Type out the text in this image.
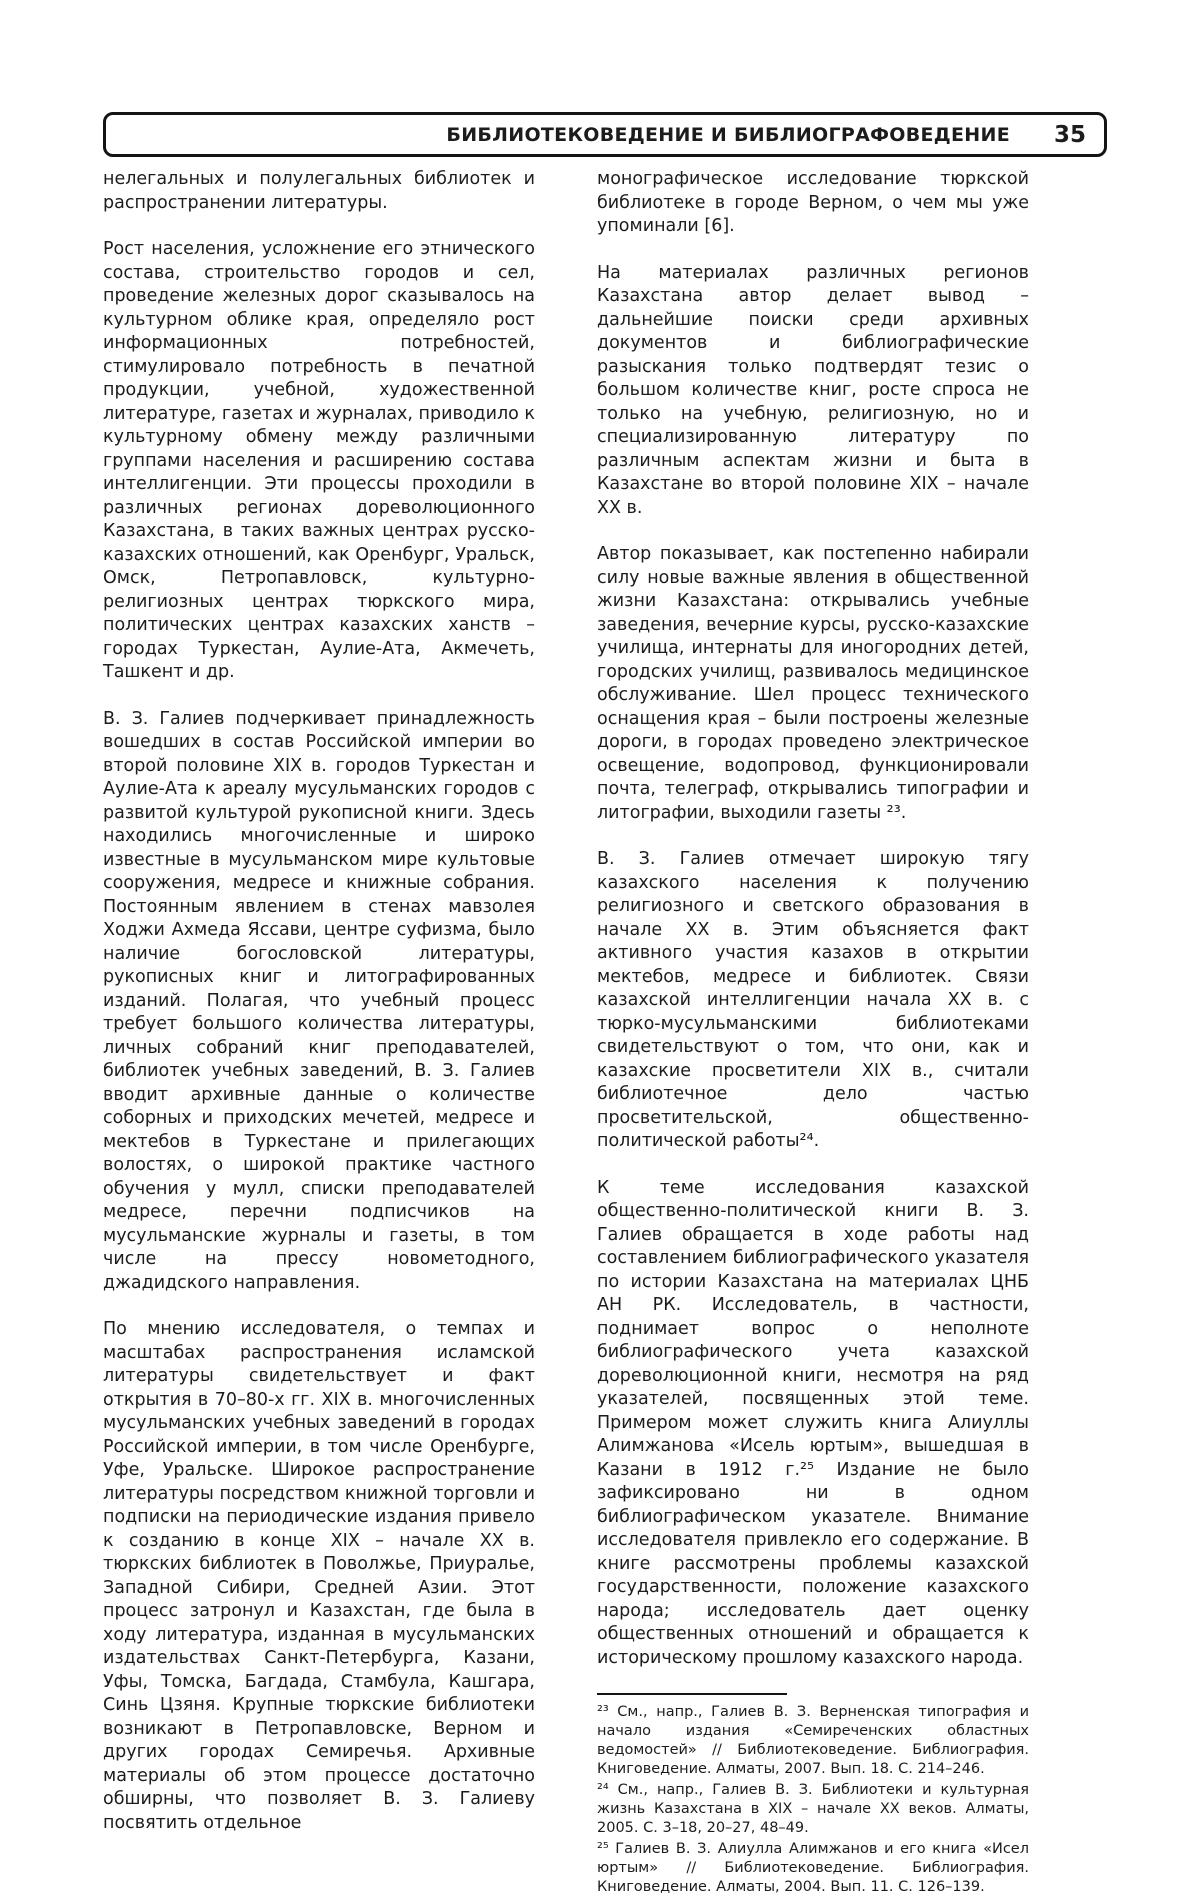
БИБЛИОТЕКОВЕДЕНИЕ И БИБЛИОГРАФОВЕДЕНИЕ 35

нелегальных и полулегальных библиотек и распространении литературы.

Рост населения, усложнение его этнического состава, строительство городов и сел, проведение железных дорог сказывалось на культурном облике края, определяло рост информационных потребностей, стимулировало потребность в печатной продукции, учебной, художественной литературе, газетах и журналах, приводило к культурному обмену между различными группами населения и расширению состава интеллигенции. Эти процессы проходили в различных регионах дореволюционного Казахстана, в таких важных центрах русско-казахских отношений, как Оренбург, Уральск, Омск, Петропавловск, культурно-религиозных центрах тюркского мира, политических центрах казахских ханств – городах Туркестан, Аулие-Ата, Акмечеть, Ташкент и др.

В. З. Галиев подчеркивает принадлежность вошедших в состав Российской империи во второй половине XIX в. городов Туркестан и Аулие-Ата к ареалу мусульманских городов с развитой культурой рукописной книги. Здесь находились многочисленные и широко известные в мусульманском мире культовые сооружения, медресе и книжные собрания. Постоянным явлением в стенах мавзолея Ходжи Ахмеда Яссави, центре суфизма, было наличие богословской литературы, рукописных книг и литографированных изданий. Полагая, что учебный процесс требует большого количества литературы, личных собраний книг преподавателей, библиотек учебных заведений, В. З. Галиев вводит архивные данные о количестве соборных и приходских мечетей, медресе и мектебов в Туркестане и прилегающих волостях, о широкой практике частного обучения у мулл, списки преподавателей медресе, перечни подписчиков на мусульманские журналы и газеты, в том числе на прессу новометодного, джадидского направления.

По мнению исследователя, о темпах и масштабах распространения исламской литературы свидетельствует и факт открытия в 70–80-х гг. XIX в. многочисленных мусульманских учебных заведений в городах Российской империи, в том числе Оренбурге, Уфе, Уральске. Широкое распространение литературы посредством книжной торговли и подписки на периодические издания привело к созданию в конце XIX – начале XX в. тюркских библиотек в Поволжье, Приуралье, Западной Сибири, Средней Азии. Этот процесс затронул и Казахстан, где была в ходу литература, изданная в мусульманских издательствах Санкт-Петербурга, Казани, Уфы, Томска, Багдада, Стамбула, Кашгара, Синь Цзяня. Крупные тюркские библиотеки возникают в Петропавловске, Верном и других городах Семиречья. Архивные материалы об этом процессе достаточно обширны, что позволяет В. З. Галиеву посвятить отдельное

монографическое исследование тюркской библиотеке в городе Верном, о чем мы уже упоминали [6].

На материалах различных регионов Казахстана автор делает вывод – дальнейшие поиски среди архивных документов и библиографические разыскания только подтвердят тезис о большом количестве книг, росте спроса не только на учебную, религиозную, но и специализированную литературу по различным аспектам жизни и быта в Казахстане во второй половине XIX – начале XX в.

Автор показывает, как постепенно набирали силу новые важные явления в общественной жизни Казахстана: открывались учебные заведения, вечерние курсы, русско-казахские училища, интернаты для иногородних детей, городских училищ, развивалось медицинское обслуживание. Шел процесс технического оснащения края – были построены железные дороги, в городах проведено электрическое освещение, водопровод, функционировали почта, телеграф, открывались типографии и литографии, выходили газеты ²³.

В. З. Галиев отмечает широкую тягу казахского населения к получению религиозного и светского образования в начале XX в. Этим объясняется факт активного участия казахов в открытии мектебов, медресе и библиотек. Связи казахской интеллигенции начала XX в. с тюрко-мусульманскими библиотеками свидетельствуют о том, что они, как и казахские просветители XIX в., считали библиотечное дело частью просветительской, общественно-политической работы²⁴.

К теме исследования казахской общественно-политической книги В. З. Галиев обращается в ходе работы над составлением библиографического указателя по истории Казахстана на материалах ЦНБ АН РК. Исследователь, в частности, поднимает вопрос о неполноте библиографического учета казахской дореволюционной книги, несмотря на ряд указателей, посвященных этой теме. Примером может служить книга Алиуллы Алимжанова «Исель юртым», вышедшая в Казани в 1912 г.²⁵ Издание не было зафиксировано ни в одном библиографическом указателе. Внимание исследователя привлекло его содержание. В книге рассмотрены проблемы казахской государственности, положение казахского народа; исследователь дает оценку общественных отношений и обращается к историческому прошлому казахского народа.

²³ См., напр., Галиев В. З. Верненская типография и начало издания «Семиреченских областных ведомостей» // Библиотековедение. Библиография. Книговедение. Алматы, 2007. Вып. 18. С. 214–246.

²⁴ См., напр., Галиев В. З. Библиотеки и культурная жизнь Казахстана в XIX – начале XX веков. Алматы, 2005. С. 3–18, 20–27, 48–49.

²⁵ Галиев В. З. Алиулла Алимжанов и его книга «Исел юртым» // Библиотековедение. Библиография. Книговедение. Алматы, 2004. Вып. 11. С. 126–139.
